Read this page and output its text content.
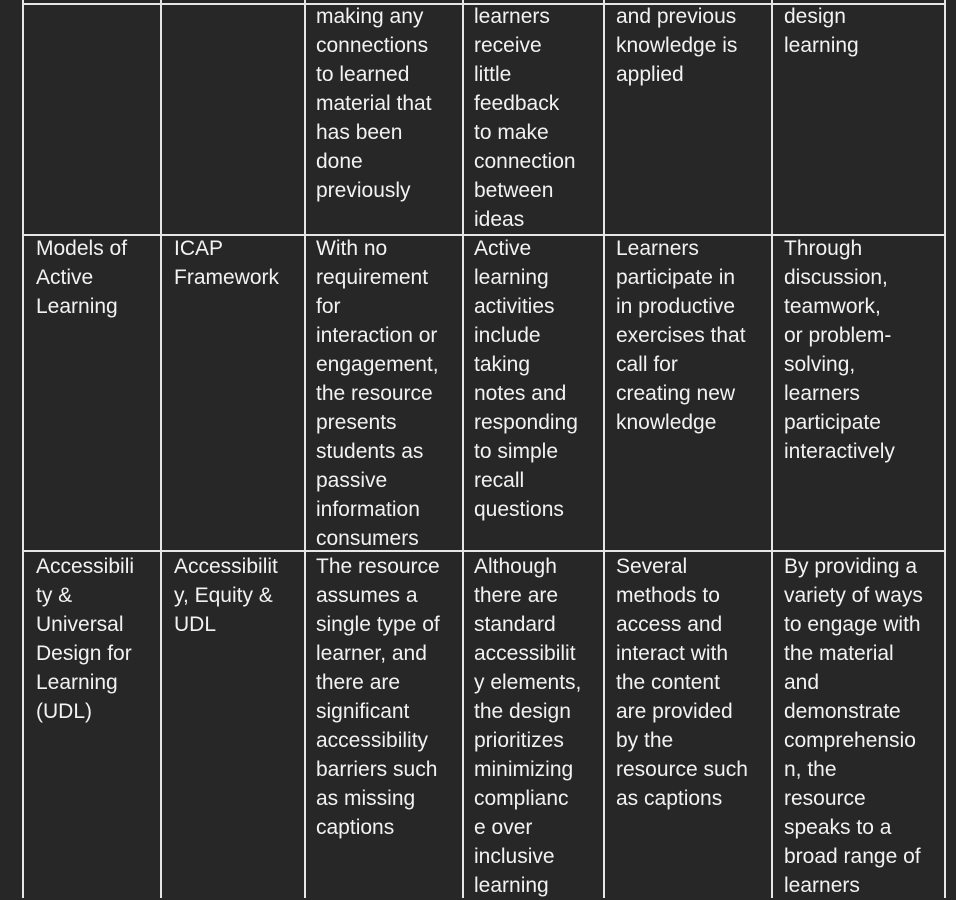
making any
connections
to learned
material that
has been
done
previously
learners
receive
little
feedback
to make
connection
between
ideas
and previous
knowledge is
applied
design
learning
Models of
Active
Learning
ICAP
Framework
With no
requirement
for
interaction or
engagement,
the resource
presents
students as
passive
information
consumers
Active
learning
activities
include
taking
notes and
responding
to simple
recall
questions
Learners
participate in
in productive
exercises that
call for
creating new
knowledge
Through
discussion,
teamwork,
or problem-
solving,
learners
participate
interactively
Accessibili
ty &
Universal
Design for
Learning
(UDL)
Accessibilit
y, Equity &
UDL
The resource
assumes a
single type of
learner, and
there are
significant
accessibility
barriers such
as missing
captions
Although
there are
standard
accessibilit
y elements,
the design
prioritizes
minimizing
complianc
e over
inclusive
learning
Several
methods to
access and
interact with
the content
are provided
by the
resource such
as captions
By providing a
variety of ways
to engage with
the material
and
demonstrate
comprehensio
n, the
resource
speaks to a
broad range of
learners
